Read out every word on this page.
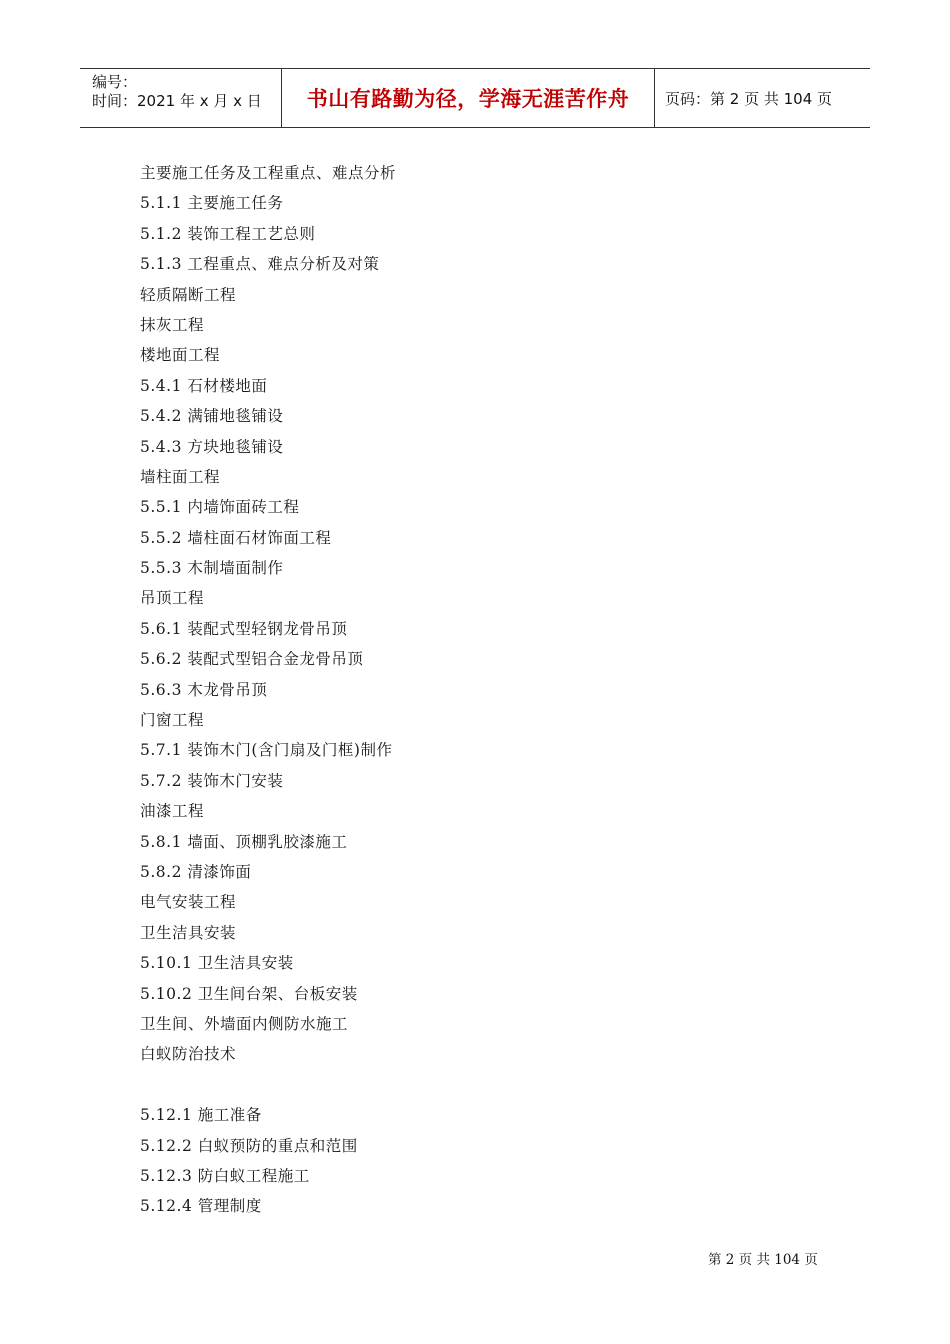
编号：
时间：2021 年 x 月 x 日	书山有路勤为径，学海无涯苦作舟	页码：第 2 页 共 104 页
主要施工任务及工程重点、难点分析
5.1.1 主要施工任务
5.1.2 装饰工程工艺总则
5.1.3 工程重点、难点分析及对策
轻质隔断工程
抹灰工程
楼地面工程
5.4.1 石材楼地面
5.4.2 满铺地毯铺设
5.4.3 方块地毯铺设
墙柱面工程
5.5.1 内墙饰面砖工程
5.5.2 墙柱面石材饰面工程
5.5.3 木制墙面制作
吊顶工程
5.6.1 装配式型轻钢龙骨吊顶
5.6.2 装配式型铝合金龙骨吊顶
5.6.3 木龙骨吊顶
门窗工程
5.7.1 装饰木门(含门扇及门框)制作
5.7.2 装饰木门安装
油漆工程
5.8.1 墙面、顶棚乳胶漆施工
5.8.2 清漆饰面
电气安装工程
卫生洁具安装
5.10.1 卫生洁具安装
5.10.2 卫生间台架、台板安装
卫生间、外墙面内侧防水施工
白蚁防治技术
5.12.1 施工准备
5.12.2 白蚁预防的重点和范围
5.12.3 防白蚁工程施工
5.12.4 管理制度
第 2 页 共 104 页
